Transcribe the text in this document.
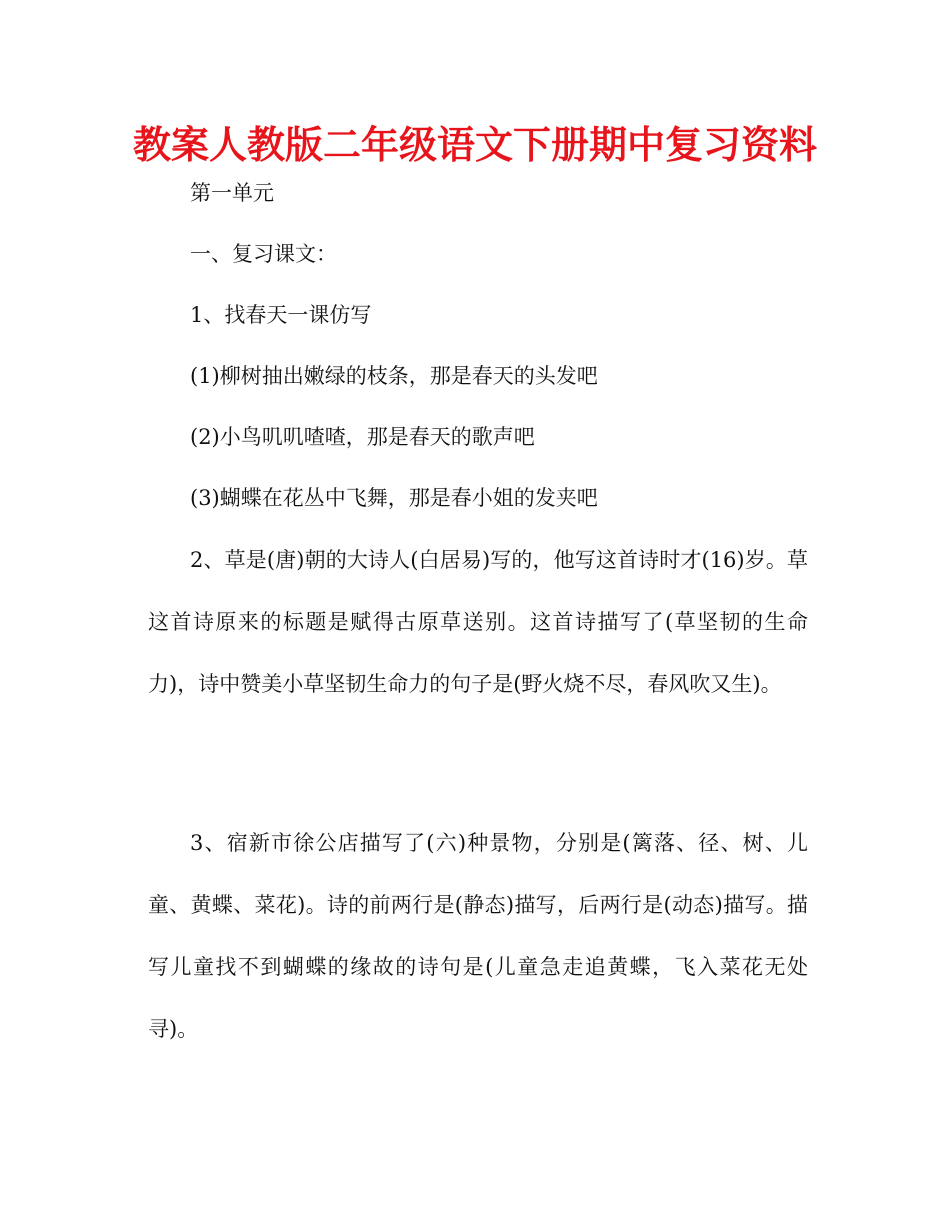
教案人教版二年级语文下册期中复习资料
第一单元
一、复习课文：
1、找春天一课仿写
(1)柳树抽出嫩绿的枝条，那是春天的头发吧
(2)小鸟叽叽喳喳，那是春天的歌声吧
(3)蝴蝶在花丛中飞舞，那是春小姐的发夹吧
2、草是(唐)朝的大诗人(白居易)写的，他写这首诗时才(16)岁。草这首诗原来的标题是赋得古原草送别。这首诗描写了(草坚韧的生命力)，诗中赞美小草坚韧生命力的句子是(野火烧不尽，春风吹又生)。
3、宿新市徐公店描写了(六)种景物，分别是(篱落、径、树、儿童、黄蝶、菜花)。诗的前两行是(静态)描写，后两行是(动态)描写。描写儿童找不到蝴蝶的缘故的诗句是(儿童急走追黄蝶，飞入菜花无处寻)。
